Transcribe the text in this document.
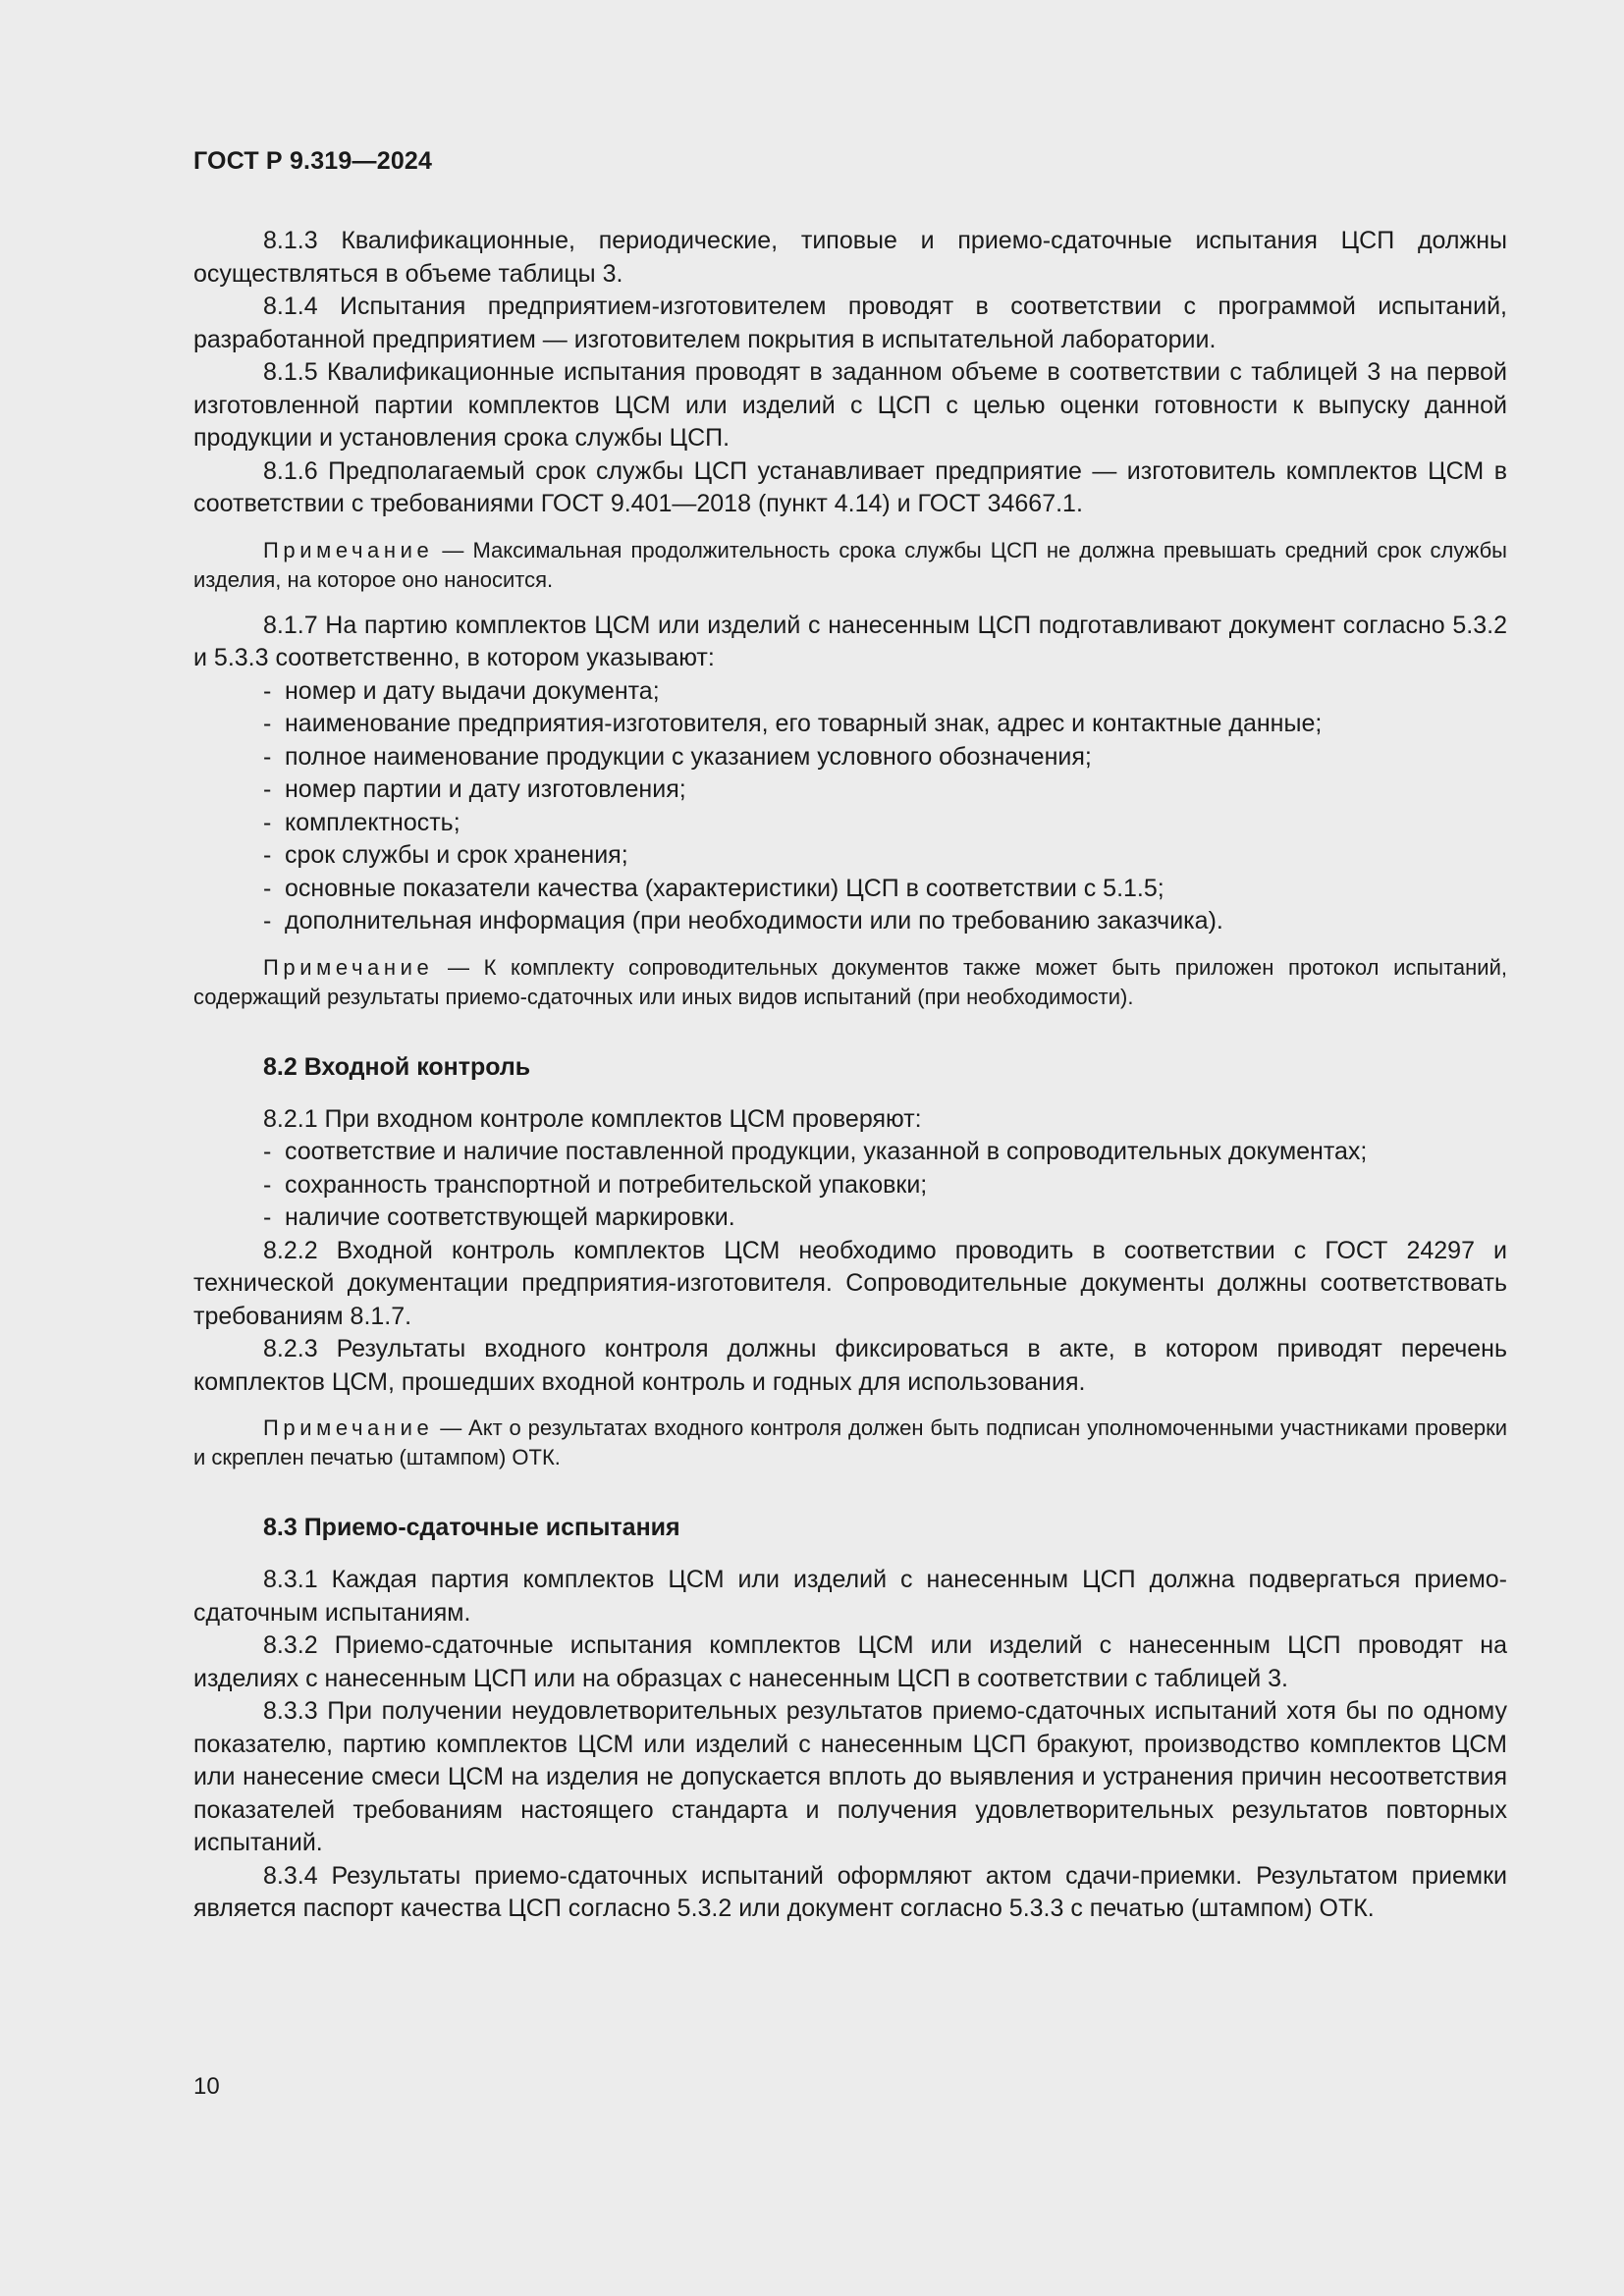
ГОСТ Р 9.319—2024

8.1.3 Квалификационные, периодические, типовые и приемо-сдаточные испытания ЦСП должны осуществляться в объеме таблицы 3.

8.1.4 Испытания предприятием-изготовителем проводят в соответствии с программой испытаний, разработанной предприятием — изготовителем покрытия в испытательной лаборатории.

8.1.5 Квалификационные испытания проводят в заданном объеме в соответствии с таблицей 3 на первой изготовленной партии комплектов ЦСМ или изделий с ЦСП с целью оценки готовности к выпуску данной продукции и установления срока службы ЦСП.

8.1.6 Предполагаемый срок службы ЦСП устанавливает предприятие — изготовитель комплектов ЦСМ в соответствии с требованиями ГОСТ 9.401—2018 (пункт 4.14) и ГОСТ 34667.1.

Примечание — Максимальная продолжительность срока службы ЦСП не должна превышать средний срок службы изделия, на которое оно наносится.

8.1.7 На партию комплектов ЦСМ или изделий с нанесенным ЦСП подготавливают документ согласно 5.3.2 и 5.3.3 соответственно, в котором указывают:

- номер и дату выдачи документа;
- наименование предприятия-изготовителя, его товарный знак, адрес и контактные данные;
- полное наименование продукции с указанием условного обозначения;
- номер партии и дату изготовления;
- комплектность;
- срок службы и срок хранения;
- основные показатели качества (характеристики) ЦСП в соответствии с 5.1.5;
- дополнительная информация (при необходимости или по требованию заказчика).

Примечание — К комплекту сопроводительных документов также может быть приложен протокол испытаний, содержащий результаты приемо-сдаточных или иных видов испытаний (при необходимости).

8.2 Входной контроль

8.2.1 При входном контроле комплектов ЦСМ проверяют:

- соответствие и наличие поставленной продукции, указанной в сопроводительных документах;
- сохранность транспортной и потребительской упаковки;
- наличие соответствующей маркировки.

8.2.2 Входной контроль комплектов ЦСМ необходимо проводить в соответствии с ГОСТ 24297 и технической документации предприятия-изготовителя. Сопроводительные документы должны соответствовать требованиям 8.1.7.

8.2.3 Результаты входного контроля должны фиксироваться в акте, в котором приводят перечень комплектов ЦСМ, прошедших входной контроль и годных для использования.

Примечание — Акт о результатах входного контроля должен быть подписан уполномоченными участниками проверки и скреплен печатью (штампом) ОТК.

8.3 Приемо-сдаточные испытания

8.3.1 Каждая партия комплектов ЦСМ или изделий с нанесенным ЦСП должна подвергаться приемо-сдаточным испытаниям.

8.3.2 Приемо-сдаточные испытания комплектов ЦСМ или изделий с нанесенным ЦСП проводят на изделиях с нанесенным ЦСП или на образцах с нанесенным ЦСП в соответствии с таблицей 3.

8.3.3 При получении неудовлетворительных результатов приемо-сдаточных испытаний хотя бы по одному показателю, партию комплектов ЦСМ или изделий с нанесенным ЦСП бракуют, производство комплектов ЦСМ или нанесение смеси ЦСМ на изделия не допускается вплоть до выявления и устранения причин несоответствия показателей требованиям настоящего стандарта и получения удовлетворительных результатов повторных испытаний.

8.3.4 Результаты приемо-сдаточных испытаний оформляют актом сдачи-приемки. Результатом приемки является паспорт качества ЦСП согласно 5.3.2 или документ согласно 5.3.3 с печатью (штампом) ОТК.

10
